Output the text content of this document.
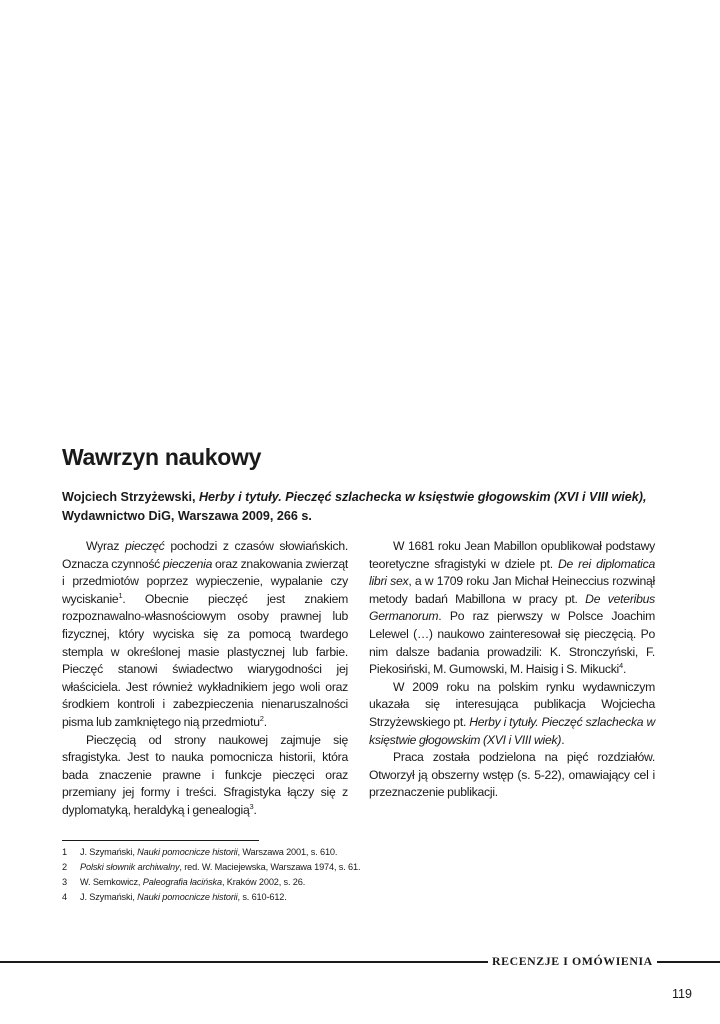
Wawrzyn naukowy
Wojciech Strzyżewski, Herby i tytuły. Pieczęć szlachecka w księstwie głogowskim (XVI i VIII wiek),
Wydawnictwo DiG, Warszawa 2009, 266 s.

Wyraz pieczęć pochodzi z czasów słowiańskich. Oznacza czynność pieczenia oraz znakowania zwierząt i przedmiotów poprzez wypieczenie, wypalanie czy wyciskanie$^1$. Obecnie pieczęć jest znakiem rozpoznawalno-własnościowym osoby prawnej lub fizycznej, który wyciska się za pomocą twardego stempla w określonej masie plastycznej lub farbie. Pieczęć stanowi świadectwo wiarygodności jej właściciela. Jest również wykładnikiem jego woli oraz środkiem kontroli i zabezpieczenia nienaruszalności pisma lub zamkniętego nią przedmiotu$^2$.

Pieczęcią od strony naukowej zajmuje się sfragistyka. Jest to nauka pomocnicza historii, która bada znaczenie prawne i funkcje pieczęci oraz przemiany jej formy i treści. Sfragistyka łączy się z dyplomatyką, heraldyką i genealogią$^3$.

W 1681 roku Jean Mabillon opublikował podstawy teoretyczne sfragistyki w dziele pt. De rei diplomatica libri sex, a w 1709 roku Jan Michał Heineccius rozwinął metody badań Mabillona w pracy pt. De veteribus Germanorum. Po raz pierwszy w Polsce Joachim Lelewel (…) naukowo zainteresował się pieczęcią. Po nim dalsze badania prowadzili: K. Stronczyński, F. Piekosiński, M. Gumowski, M. Haisig i S. Mikucki$^4$.

W 2009 roku na polskim rynku wydawniczym ukazała się interesująca publikacja Wojciecha Strzyżewskiego pt. Herby i tytuły. Pieczęć szlachecka w księstwie głogowskim (XVI i VIII wiek).

Praca została podzielona na pięć rozdziałów. Otworzył ją obszerny wstęp (s. 5-22), omawiający cel i przeznaczenie publikacji.

1	J. Szymański, Nauki pomocnicze historii, Warszawa 2001, s. 610.
2	Polski słownik archiwalny, red. W. Maciejewska, Warszawa 1974, s. 61.
3	W. Semkowicz, Paleografia łacińska, Kraków 2002, s. 26.
4	J. Szymański, Nauki pomocnicze historii, s. 610-612.
RECENZJE I OMÓWIENIA
119
